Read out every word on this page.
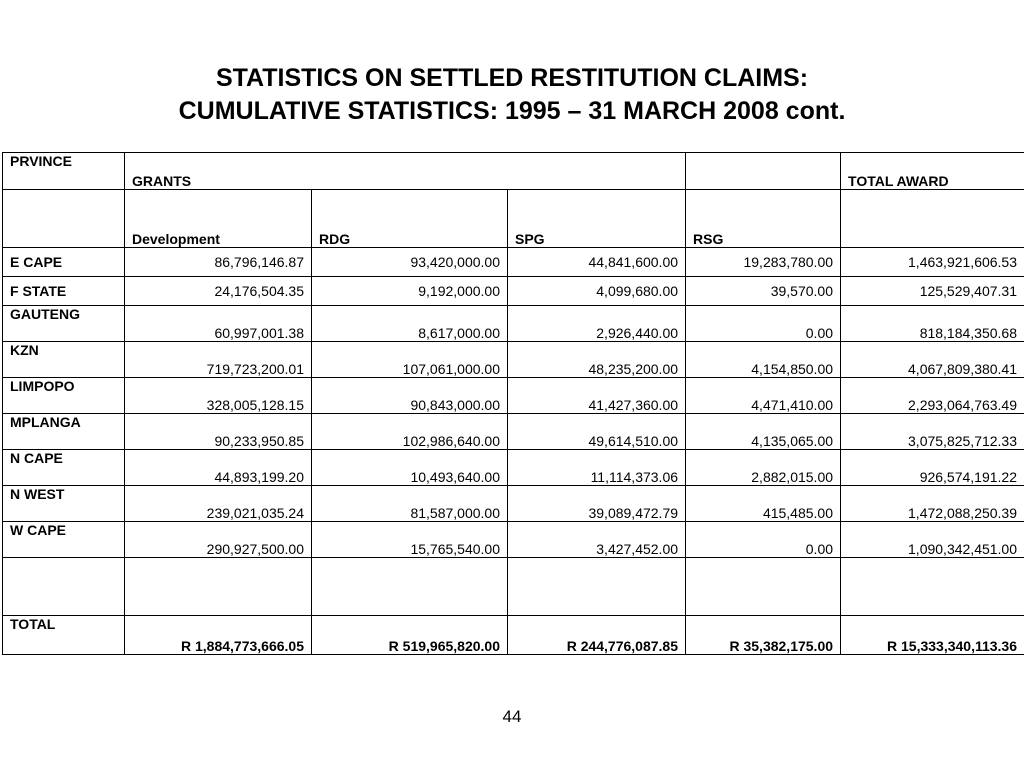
STATISTICS ON SETTLED RESTITUTION CLAIMS:
CUMULATIVE STATISTICS: 1995 – 31 MARCH 2008 cont.
PRVINCE	GRANTS				TOTAL AWARD
	Development	RDG	SPG	RSG	
E CAPE	86,796,146.87	93,420,000.00	44,841,600.00	19,283,780.00	1,463,921,606.53
F STATE	24,176,504.35	9,192,000.00	4,099,680.00	39,570.00	125,529,407.31
GAUTENG	60,997,001.38	8,617,000.00	2,926,440.00	0.00	818,184,350.68
KZN	719,723,200.01	107,061,000.00	48,235,200.00	4,154,850.00	4,067,809,380.41
LIMPOPO	328,005,128.15	90,843,000.00	41,427,360.00	4,471,410.00	2,293,064,763.49
MPLANGA	90,233,950.85	102,986,640.00	49,614,510.00	4,135,065.00	3,075,825,712.33
N CAPE	44,893,199.20	10,493,640.00	11,114,373.06	2,882,015.00	926,574,191.22
N WEST	239,021,035.24	81,587,000.00	39,089,472.79	415,485.00	1,472,088,250.39
W CAPE	290,927,500.00	15,765,540.00	3,427,452.00	0.00	1,090,342,451.00

TOTAL	R 1,884,773,666.05	R 519,965,820.00	R 244,776,087.85	R 35,382,175.00	R 15,333,340,113.36
44
